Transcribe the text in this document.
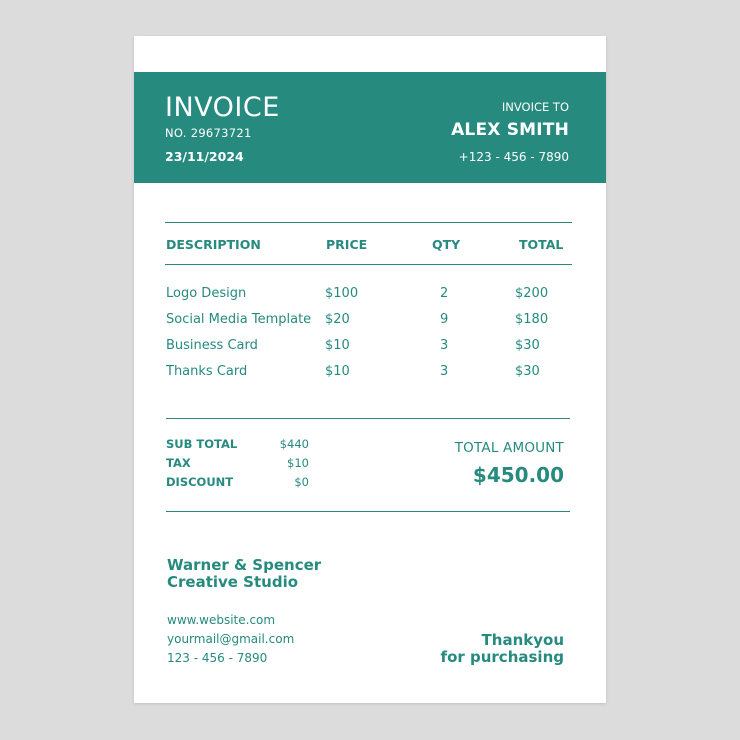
INVOICE
NO. 29673721
23/11/2024
INVOICE TO
ALEX SMITH
+123 - 456 - 7890
DESCRIPTION	PRICE	QTY	TOTAL
Logo Design	$100	2	$200
Social Media Template $20	9	$180
Business Card	$10	3	$30
Thanks Card	$10	3	$30
SUB TOTAL	$440
TAX	$10
DISCOUNT	$0
TOTAL AMOUNT
$450.00
Warner & Spencer
Creative Studio
www.website.com
yourmail@gmail.com
123 - 456 - 7890
Thankyou
for purchasing
